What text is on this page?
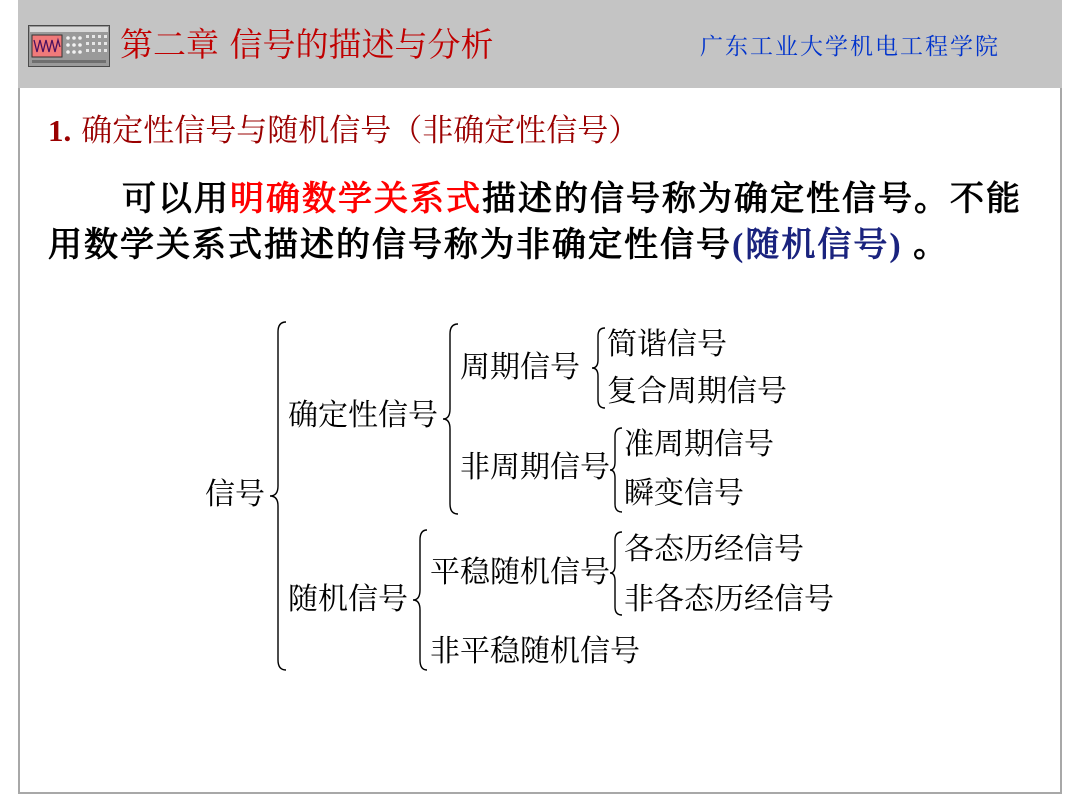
第二章 信号的描述与分析	广东工业大学机电工程学院
1. 确定性信号与随机信号（非确定性信号）
可以用明确数学关系式描述的信号称为确定性信号。不能
用数学关系式描述的信号称为非确定性信号(随机信号) 。
信号
确定性信号
周期信号
简谐信号
复合周期信号
非周期信号
准周期信号
瞬变信号
随机信号
平稳随机信号
各态历经信号
非各态历经信号
非平稳随机信号
